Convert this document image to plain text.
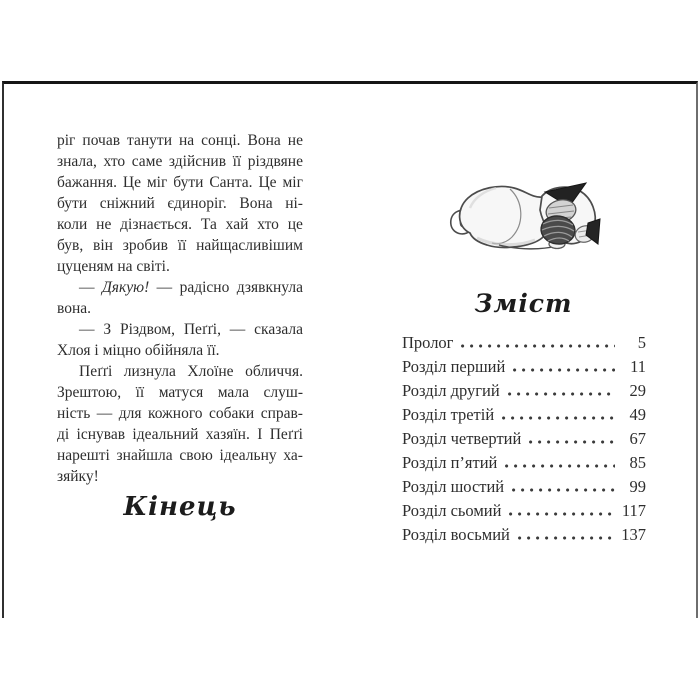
ріг почав танути на сонці. Вона не
знала, хто саме здійснив її різдвяне
бажання. Це міг бути Санта. Це міг
бути сніжний єдиноріг. Вона ні-
коли не дізнається. Та хай хто це
був, він зробив її найщасливішим
цуценям на світі.
— Дякую! — радісно дзявкнула
вона.
— З Різдвом, Пеґґі, — сказала
Хлоя і міцно обійняла її.
Пеґґі лизнула Хлоїне обличчя.
Зрештою, її матуся мала слуш-
ність — для кожного собаки справ-
ді існував ідеальний хазяїн. І Пеґґі
нарешті знайшла свою ідеальну ха-
зяйку!
Кінець
Зміст
Пролог	5
Розділ перший	11
Розділ другий	29
Розділ третій	49
Розділ четвертий	67
Розділ п’ятий	85
Розділ шостий	99
Розділ сьомий	117
Розділ восьмий	137
